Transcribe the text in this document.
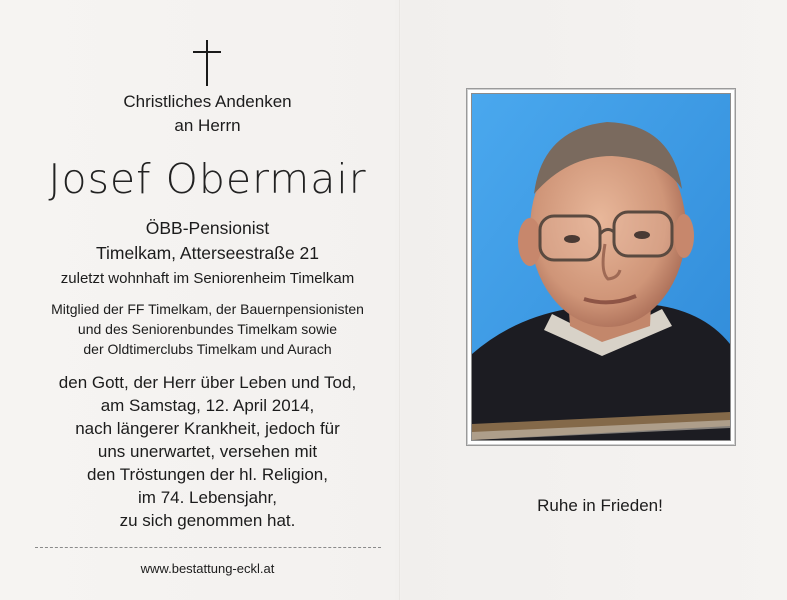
Christliches Andenken
an Herrn
Josef Obermair
ÖBB-Pensionist
Timelkam, Atterseestraße 21
zuletzt wohnhaft im Seniorenheim Timelkam
Mitglied der FF Timelkam, der Bauernpensionisten
und des Seniorenbundes Timelkam sowie
der Oldtimerclubs Timelkam und Aurach
den Gott, der Herr über Leben und Tod,
am Samstag, 12. April 2014,
nach längerer Krankheit, jedoch für
uns unerwartet, versehen mit
den Tröstungen der hl. Religion,
im 74. Lebensjahr,
zu sich genommen hat.
www.bestattung-eckl.at
Ruhe in Frieden!
